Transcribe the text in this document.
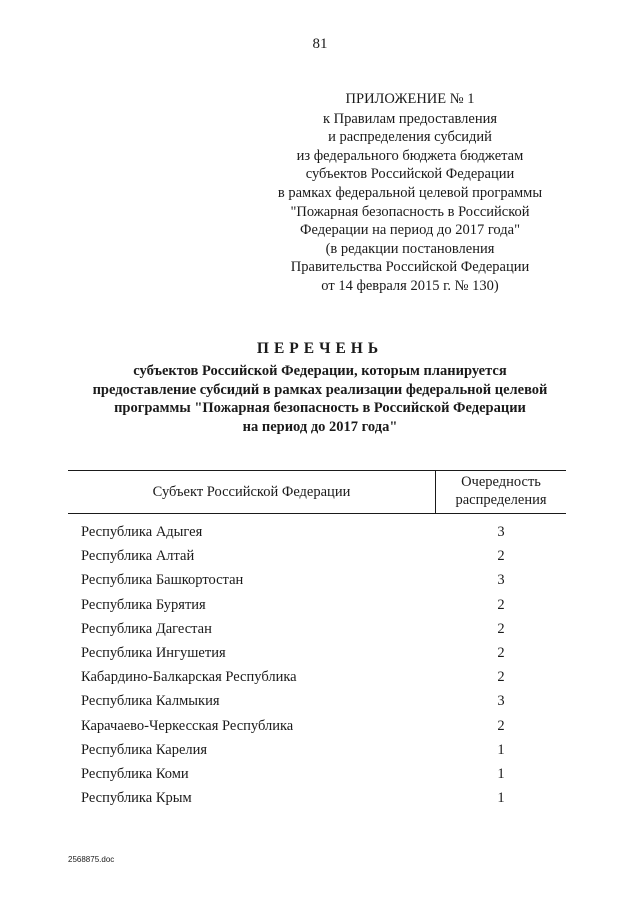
81
ПРИЛОЖЕНИЕ № 1
к Правилам предоставления
и распределения субсидий
из федерального бюджета бюджетам
субъектов Российской Федерации
в рамках федеральной целевой программы
"Пожарная безопасность в Российской
Федерации на период до 2017 года"
(в редакции постановления
Правительства Российской Федерации
от 14 февраля 2015 г. № 130)
ПЕРЕЧЕНЬ
субъектов Российской Федерации, которым планируется
предоставление субсидий в рамках реализации федеральной целевой
программы "Пожарная безопасность в Российской Федерации
на период до 2017 года"
Субъект Российской Федерации
Очередность
распределения
Республика Адыгея	3
Республика Алтай	2
Республика Башкортостан	3
Республика Бурятия	2
Республика Дагестан	2
Республика Ингушетия	2
Кабардино-Балкарская Республика	2
Республика Калмыкия	3
Карачаево-Черкесская Республика	2
Республика Карелия	1
Республика Коми	1
Республика Крым	1
2568875.doc
